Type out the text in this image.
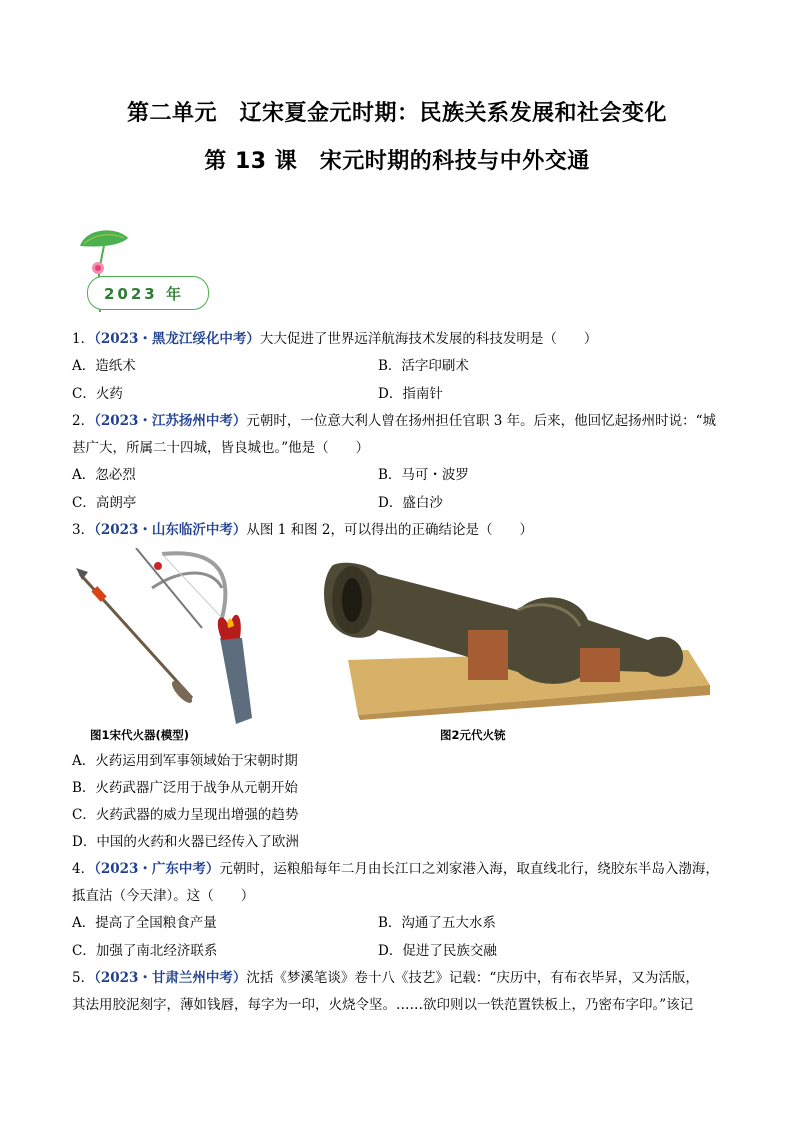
第二单元　辽宋夏金元时期：民族关系发展和社会变化
第 13 课　宋元时期的科技与中外交通
2023 年
1．（2023・黑龙江绥化中考）大大促进了世界远洋航海技术发展的科技发明是（　　）
A．造纸术	B．活字印刷术
C．火药	D．指南针
2．（2023・江苏扬州中考）元朝时，一位意大利人曾在扬州担任官职 3 年。后来，他回忆起扬州时说：“城
甚广大，所属二十四城，皆良城也。”他是（　　）
A．忽必烈	B．马可・波罗
C．高朗亭	D．盛白沙
3．（2023・山东临沂中考）从图 1 和图 2，可以得出的正确结论是（　　）
图1宋代火器(模型)	图2元代火铳
A．火药运用到军事领域始于宋朝时期
B．火药武器广泛用于战争从元朝开始
C．火药武器的威力呈现出增强的趋势
D．中国的火药和火器已经传入了欧洲
4．（2023・广东中考）元朝时，运粮船每年二月由长江口之刘家港入海，取直线北行，绕胶东半岛入渤海，
抵直沽（今天津）。这（　　）
A．提高了全国粮食产量	B．沟通了五大水系
C．加强了南北经济联系	D．促进了民族交融
5．（2023・甘肃兰州中考）沈括《梦溪笔谈》卷十八《技艺》记载：“庆历中，有布衣毕昇，又为活版，
其法用胶泥刻字，薄如钱唇，每字为一印，火烧令坚。……欲印则以一铁范置铁板上，乃密布字印。”该记
